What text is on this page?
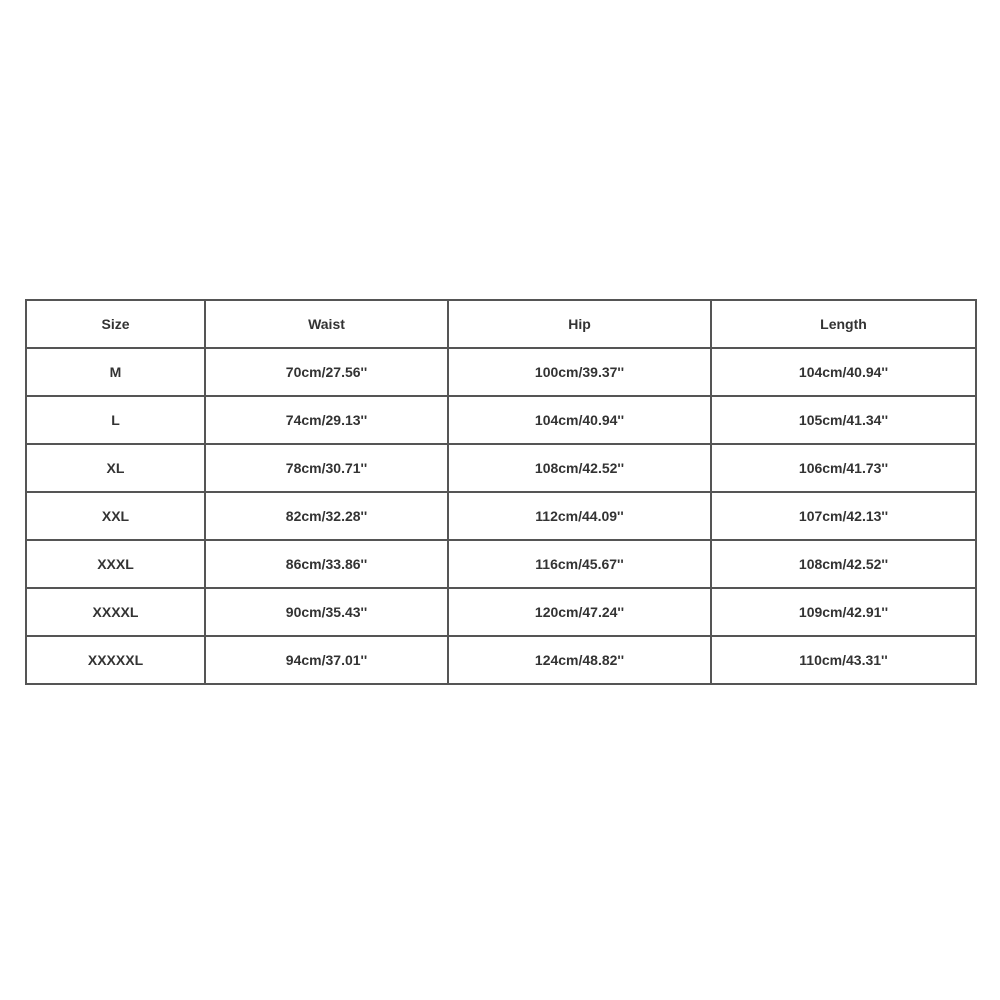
Size	Waist	Hip	Length
M	70cm/27.56''	100cm/39.37''	104cm/40.94''
L	74cm/29.13''	104cm/40.94''	105cm/41.34''
XL	78cm/30.71''	108cm/42.52''	106cm/41.73''
XXL	82cm/32.28''	112cm/44.09''	107cm/42.13''
XXXL	86cm/33.86''	116cm/45.67''	108cm/42.52''
XXXXL	90cm/35.43''	120cm/47.24''	109cm/42.91''
XXXXXL	94cm/37.01''	124cm/48.82''	110cm/43.31''
